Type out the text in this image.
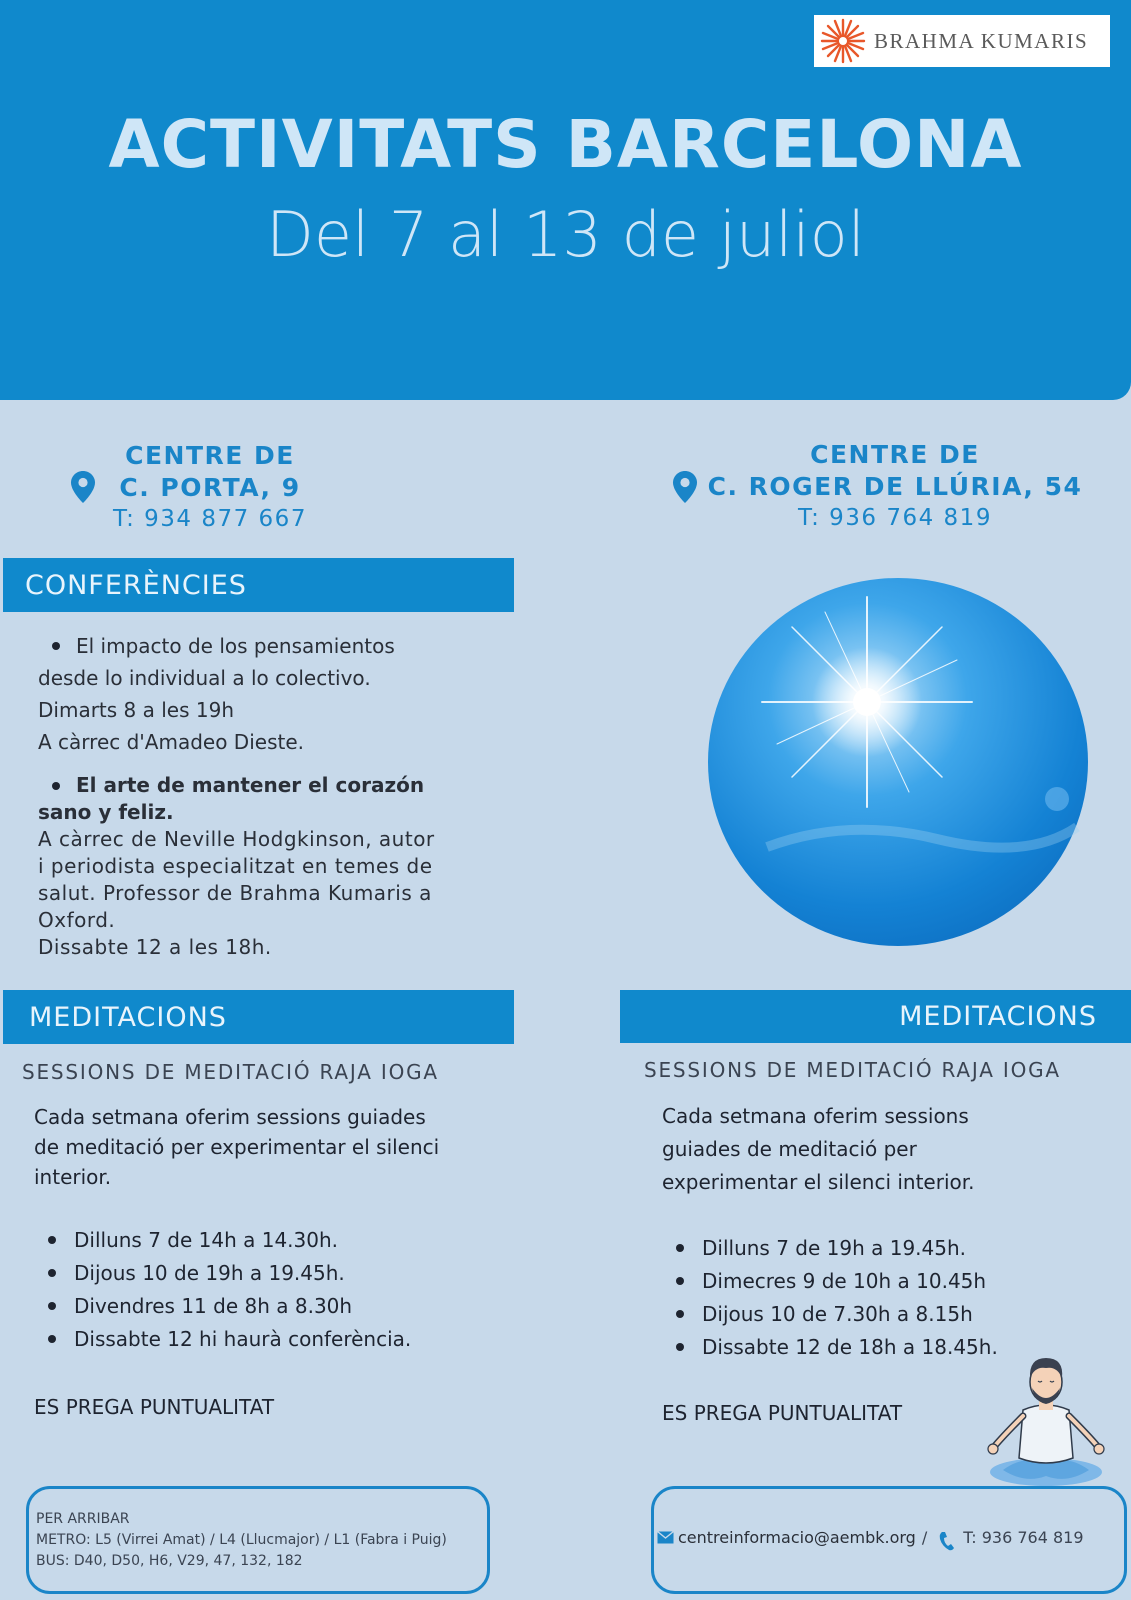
BRAHMA KUMARIS
ACTIVITATS BARCELONA
Del 7 al 13 de juliol
CENTRE DE
C. PORTA, 9
T: 934 877 667
CENTRE DE
C. ROGER DE LLÚRIA, 54
T: 936 764 819
CONFERÈNCIES
El impacto de los pensamientos
desde lo individual a lo colectivo.
Dimarts 8 a les 19h
A càrrec d'Amadeo Dieste.
El arte de mantener el corazón
sano y feliz.
A càrrec de Neville Hodgkinson, autor
i periodista especialitzat en temes de
salut. Professor de Brahma Kumaris a
Oxford.
Dissabte 12 a les 18h.
MEDITACIONS
SESSIONS DE MEDITACIÓ RAJA IOGA
Cada setmana oferim sessions guiades
de meditació per experimentar el silenci
interior.
Dilluns 7 de 14h a 14.30h.
Dijous 10 de 19h a 19.45h.
Divendres 11 de 8h a 8.30h
Dissabte 12 hi haurà conferència.
ES PREGA PUNTUALITAT
MEDITACIONS
SESSIONS DE MEDITACIÓ RAJA IOGA
Cada setmana oferim sessions
guiades de meditació per
experimentar el silenci interior.
Dilluns 7 de 19h a 19.45h.
Dimecres 9 de 10h a 10.45h
Dijous 10 de 7.30h a 8.15h
Dissabte 12 de 18h a 18.45h.
ES PREGA PUNTUALITAT
PER ARRIBAR
METRO: L5 (Virrei Amat) / L4 (Llucmajor) / L1 (Fabra i Puig)
BUS: D40, D50, H6, V29, 47, 132, 182
centreinformacio@aembk.org / T: 936 764 819
